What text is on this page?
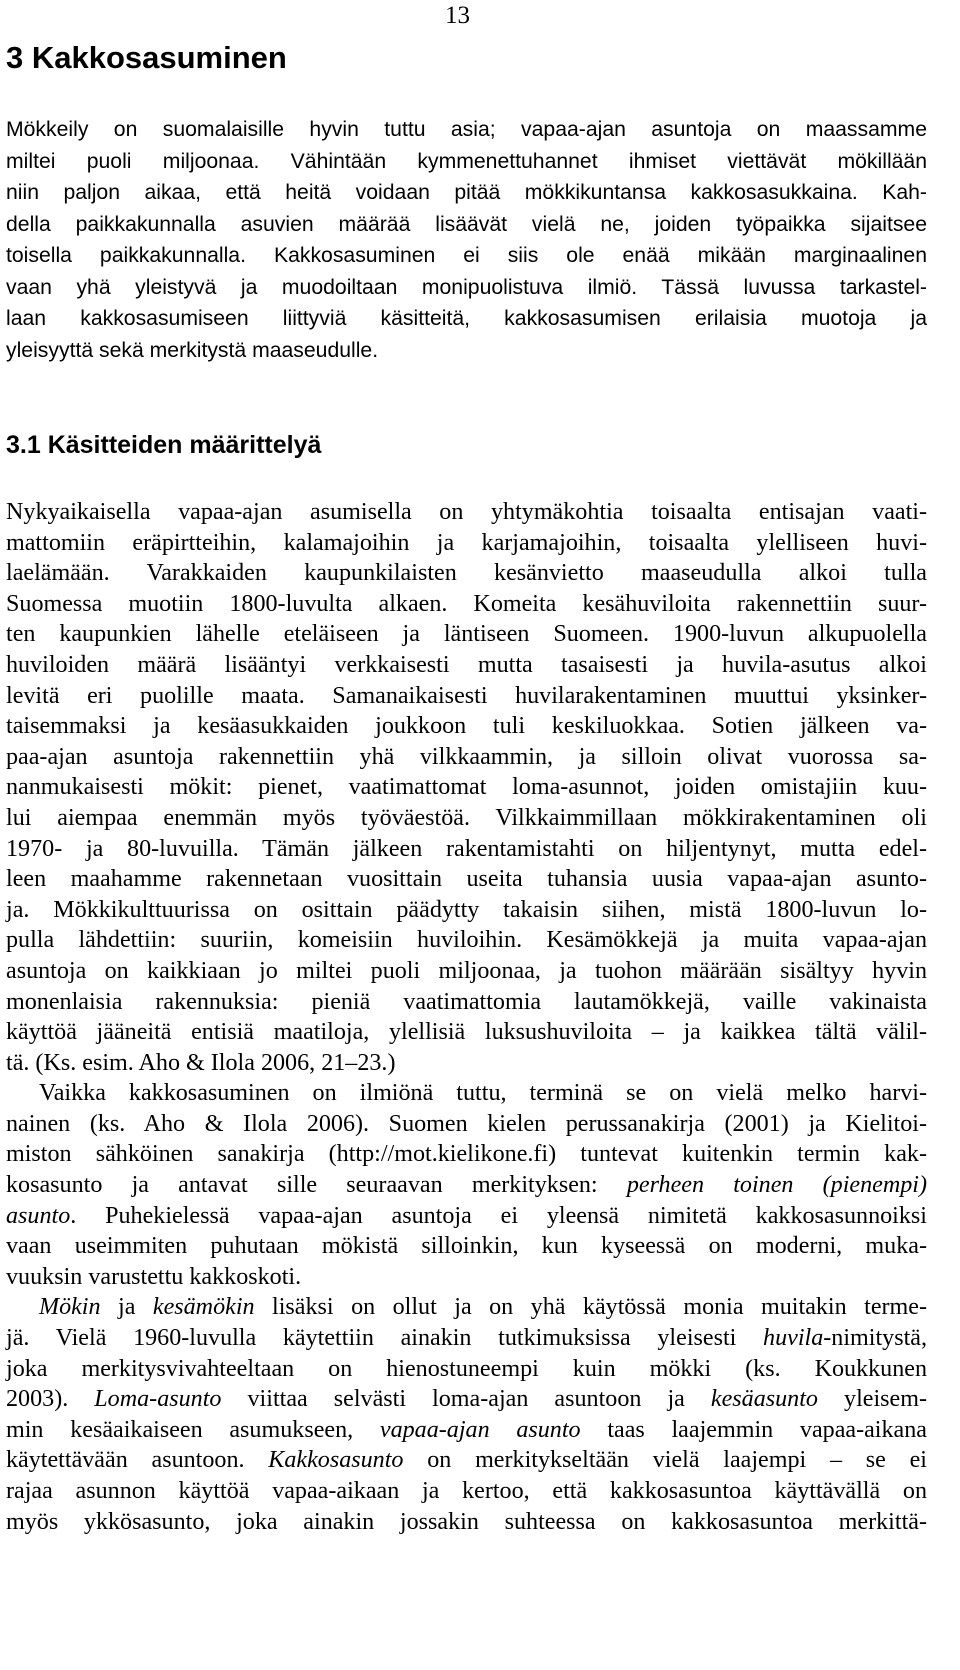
13
3 Kakkosasuminen
Mökkeily on suomalaisille hyvin tuttu asia; vapaa-ajan asuntoja on maassamme
miltei puoli miljoonaa. Vähintään kymmenettuhannet ihmiset viettävät mökillään
niin paljon aikaa, että heitä voidaan pitää mökkikuntansa kakkosasukkaina. Kah-
della paikkakunnalla asuvien määrää lisäävät vielä ne, joiden työpaikka sijaitsee
toisella paikkakunnalla. Kakkosasuminen ei siis ole enää mikään marginaalinen
vaan yhä yleistyvä ja muodoiltaan monipuolistuva ilmiö. Tässä luvussa tarkastel-
laan kakkosasumiseen liittyviä käsitteitä, kakkosasumisen erilaisia muotoja ja
yleisyyttä sekä merkitystä maaseudulle.
3.1 Käsitteiden määrittelyä

Nykyaikaisella vapaa-ajan asumisella on yhtymäkohtia toisaalta entisajan vaati-
mattomiin eräpirtteihin, kalamajoihin ja karjamajoihin, toisaalta ylelliseen huvi-
laelämään. Varakkaiden kaupunkilaisten kesänvietto maaseudulla alkoi tulla
Suomessa muotiin 1800-luvulta alkaen. Komeita kesähuviloita rakennettiin suur-
ten kaupunkien lähelle eteläiseen ja läntiseen Suomeen. 1900-luvun alkupuolella
huviloiden määrä lisääntyi verkkaisesti mutta tasaisesti ja huvila-asutus alkoi
levitä eri puolille maata. Samanaikaisesti huvilarakentaminen muuttui yksinker-
taisemmaksi ja kesäasukkaiden joukkoon tuli keskiluokkaa. Sotien jälkeen va-
paa-ajan asuntoja rakennettiin yhä vilkkaammin, ja silloin olivat vuorossa sa-
nanmukaisesti mökit: pienet, vaatimattomat loma-asunnot, joiden omistajiin kuu-
lui aiempaa enemmän myös työväestöä. Vilkkaimmillaan mökkirakentaminen oli
1970- ja 80-luvuilla. Tämän jälkeen rakentamistahti on hiljentynyt, mutta edel-
leen maahamme rakennetaan vuosittain useita tuhansia uusia vapaa-ajan asunto-
ja. Mökkikulttuurissa on osittain päädytty takaisin siihen, mistä 1800-luvun lo-
pulla lähdettiin: suuriin, komeisiin huviloihin. Kesämökkejä ja muita vapaa-ajan
asuntoja on kaikkiaan jo miltei puoli miljoonaa, ja tuohon määrään sisältyy hyvin
monenlaisia rakennuksia: pieniä vaatimattomia lautamökkejä, vaille vakinaista
käyttöä jääneitä entisiä maatiloja, ylellisiä luksushuviloita – ja kaikkea tältä välil-
tä. (Ks. esim. Aho & Ilola 2006, 21–23.)

Vaikka kakkosasuminen on ilmiönä tuttu, terminä se on vielä melko harvi-
nainen (ks. Aho & Ilola 2006). Suomen kielen perussanakirja (2001) ja Kielitoi-
miston sähköinen sanakirja (http://mot.kielikone.fi) tuntevat kuitenkin termin kak-
kosasunto ja antavat sille seuraavan merkityksen: perheen toinen (pienempi)
asunto. Puhekielessä vapaa-ajan asuntoja ei yleensä nimitetä kakkosasunnoiksi
vaan useimmiten puhutaan mökistä silloinkin, kun kyseessä on moderni, muka-
vuuksin varustettu kakkoskoti.

Mökin ja kesämökin lisäksi on ollut ja on yhä käytössä monia muitakin terme-
jä. Vielä 1960-luvulla käytettiin ainakin tutkimuksissa yleisesti huvila-nimitystä,
joka merkitysvivahteeltaan on hienostuneempi kuin mökki (ks. Koukkunen
2003). Loma-asunto viittaa selvästi loma-ajan asuntoon ja kesäasunto yleisem-
min kesäaikaiseen asumukseen, vapaa-ajan asunto taas laajemmin vapaa-aikana
käytettävään asuntoon. Kakkosasunto on merkitykseltään vielä laajempi – se ei
rajaa asunnon käyttöä vapaa-aikaan ja kertoo, että kakkosasuntoa käyttävällä on
myös ykkösasunto, joka ainakin jossakin suhteessa on kakkosasuntoa merkittä-
